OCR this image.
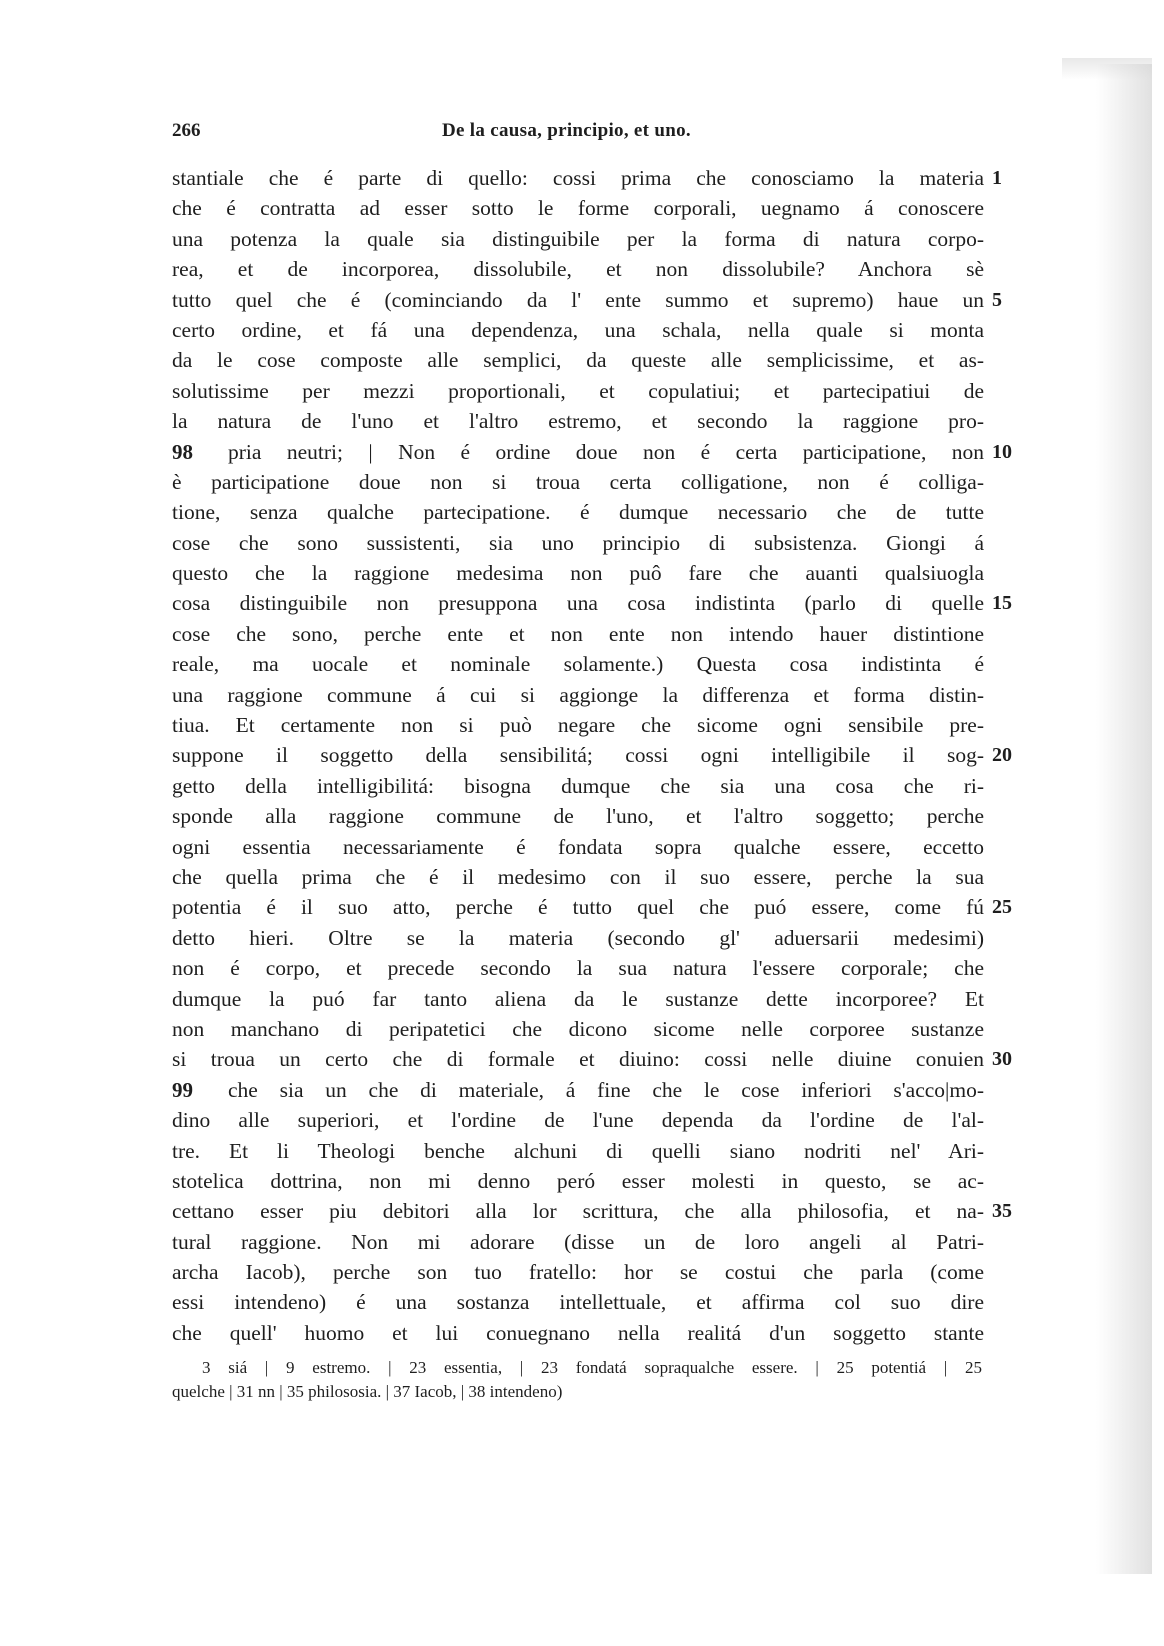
266	De la causa, principio, et uno.
stantiale che é parte di quello: cossi prima che conosciamo la materia 1
che é contratta ad esser sotto le forme corporali, uegnamo á conoscere
una potenza la quale sia distinguibile per la forma di natura corpo-
rea, et de incorporea, dissolubile, et non dissolubile? Anchora sè
tutto quel che é (cominciando da l' ente summo et supremo) haue un 5
certo ordine, et fá una dependenza, una schala, nella quale si monta
da le cose composte alle semplici, da queste alle semplicissime, et as-
solutissime per mezzi proportionali, et copulatiui; et partecipatiui de
la natura de l'uno et l'altro estremo, et secondo la raggione pro-
98	pria neutri; | Non é ordine doue non é certa participatione, non 10
è participatione doue non si troua certa colligatione, non é colliga-
tione, senza qualche partecipatione. é dumque necessario che de tutte
cose che sono sussistenti, sia uno principio di subsistenza. Giongi á
questo che la raggione medesima non puô fare che auanti qualsiuogla
cosa distinguibile non presuppona una cosa indistinta (parlo di quelle 15
cose che sono, perche ente et non ente non intendo hauer distintione
reale, ma uocale et nominale solamente.) Questa cosa indistinta é
una raggione commune á cui si aggionge la differenza et forma distin-
tiua. Et certamente non si può negare che sicome ogni sensibile pre-
suppone il soggetto della sensibilitá; cossi ogni intelligibile il sog- 20
getto della intelligibilitá: bisogna dumque che sia una cosa che ri-
sponde alla raggione commune de l'uno, et l'altro soggetto; perche
ogni essentia necessariamente é fondata sopra qualche essere, eccetto
che quella prima che é il medesimo con il suo essere, perche la sua
potentia é il suo atto, perche é tutto quel che puó essere, come fú 25
detto hieri. Oltre se la materia (secondo gl' aduersarii medesimi)
non é corpo, et precede secondo la sua natura l'essere corporale; che
dumque la puó far tanto aliena da le sustanze dette incorporee? Et
non manchano di peripatetici che dicono sicome nelle corporee sustanze
si troua un certo che di formale et diuino: cossi nelle diuine conuien 30
99	che sia un che di materiale, á fine che le cose inferiori s'acco|mo-
dino alle superiori, et l'ordine de l'une dependa da l'ordine de l'al-
tre. Et li Theologi benche alchuni di quelli siano nodriti nel' Ari-
stotelica dottrina, non mi denno peró esser molesti in questo, se ac-
cettano esser piu debitori alla lor scrittura, che alla philosofia, et na- 35
tural raggione. Non mi adorare (disse un de loro angeli al Patri-
archa Iacob), perche son tuo fratello: hor se costui che parla (come
essi intendeno) é una sostanza intellettuale, et affirma col suo dire
che quell' huomo et lui conuegnano nella realitá d'un soggetto stante
3 siá | 9 estremo. | 23 essentia, | 23 fondatá sopraqualche essere. | 25 potentiá | 25
quelche | 31 nn | 35 philososia. | 37 Iacob, | 38 intendeno)
